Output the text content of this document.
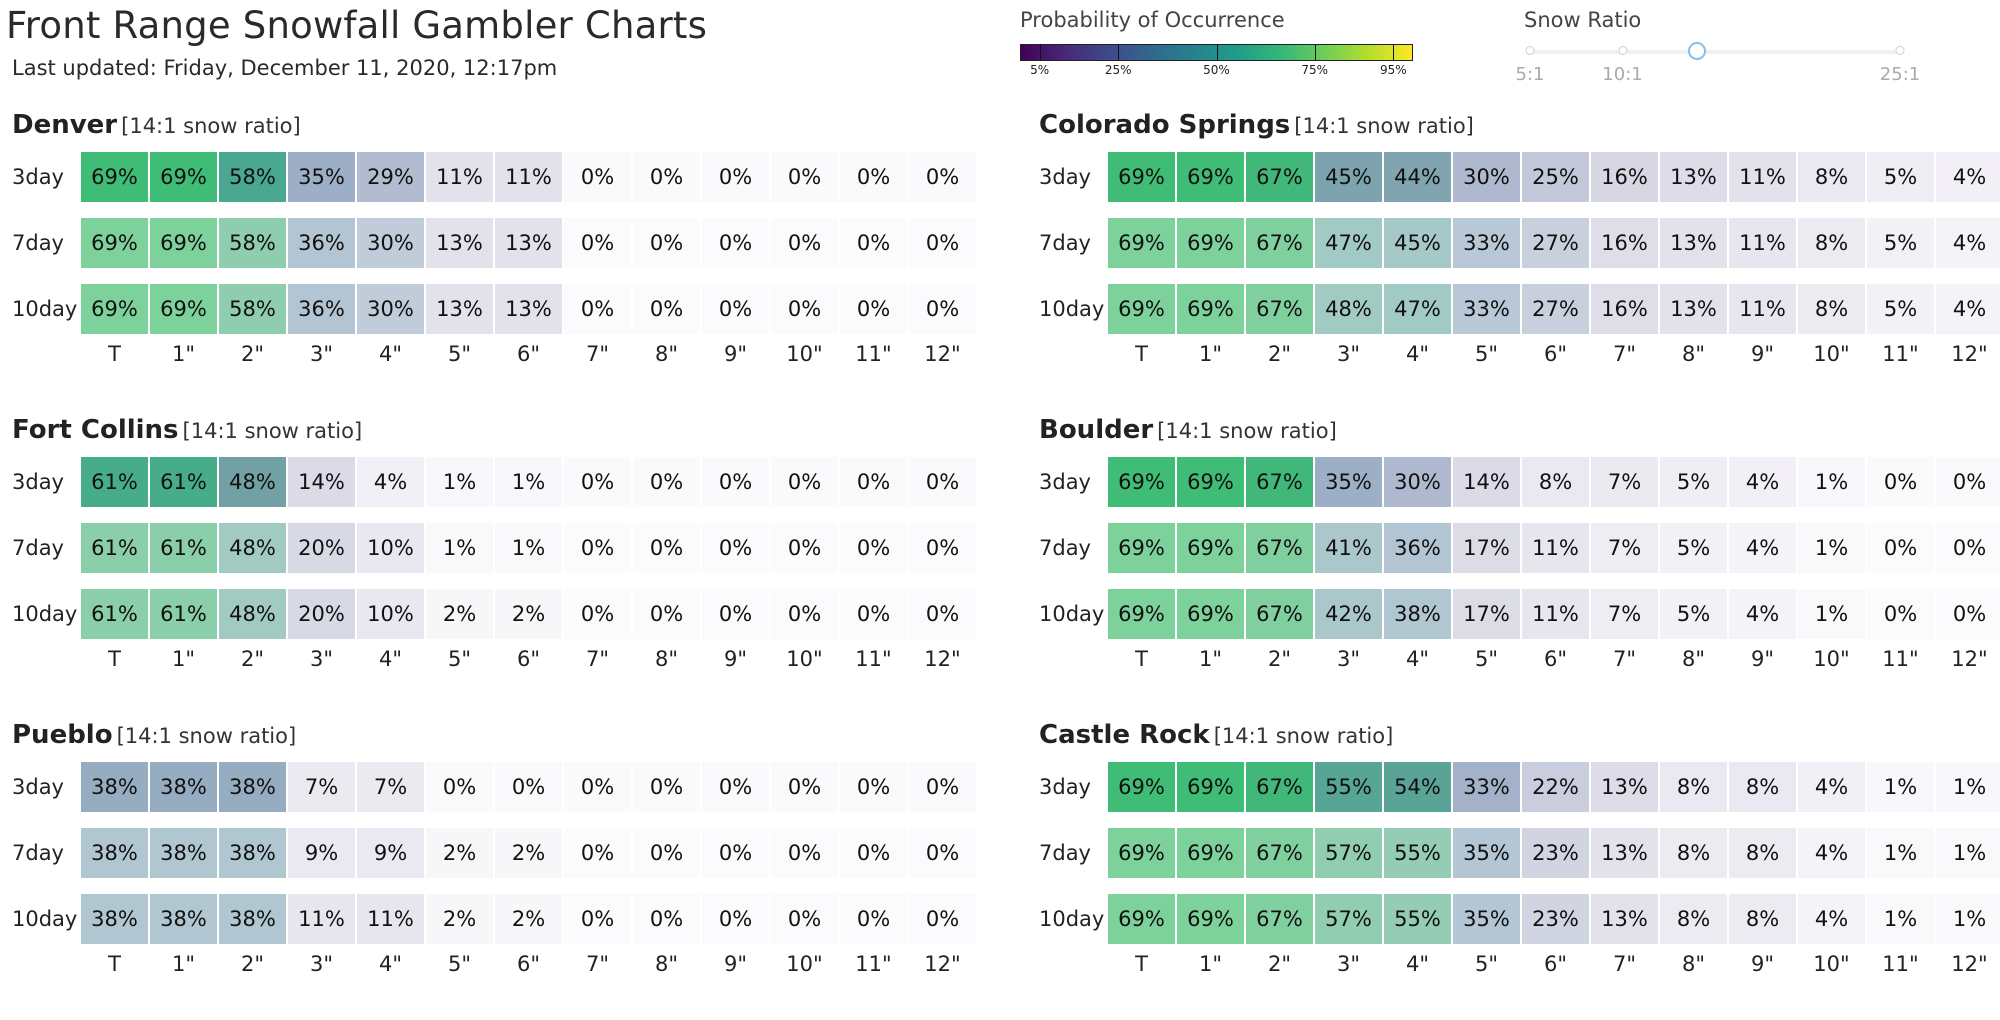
Front Range Snowfall Gambler Charts
Last updated: Friday, December 11, 2020, 12:17pm
Probability of Occurrence
5%	25%	50%	75%	95%
Snow Ratio
5:1	10:1	25:1
Denver [14:1 snow ratio]
3day	69%	69%	58%	35%	29%	11%	11%	0%	0%	0%	0%	0%	0%
7day	69%	69%	58%	36%	30%	13%	13%	0%	0%	0%	0%	0%	0%
10day 69%	69%	58%	36%	30%	13%	13%	0%	0%	0%	0%	0%	0%
T	1"	2"	3"	4"	5"	6"	7"	8"	9"	10"	11"	12"
Colorado Springs [14:1 snow ratio]
3day	69%	69%	67%	45%	44%	30%	25%	16%	13%	11%	8%	5%	4%
7day	69%	69%	67%	47%	45%	33%	27%	16%	13%	11%	8%	5%	4%
10day 69%	69%	67%	48%	47%	33%	27%	16%	13%	11%	8%	5%	4%
T	1"	2"	3"	4"	5"	6"	7"	8"	9"	10"	11"	12"
Fort Collins [14:1 snow ratio]
3day	61%	61%	48%	14%	4%	1%	1%	0%	0%	0%	0%	0%	0%
7day	61%	61%	48%	20%	10%	1%	1%	0%	0%	0%	0%	0%	0%
10day 61%	61%	48%	20%	10%	2%	2%	0%	0%	0%	0%	0%	0%
T	1"	2"	3"	4"	5"	6"	7"	8"	9"	10"	11"	12"
Boulder [14:1 snow ratio]
3day	69%	69%	67%	35%	30%	14%	8%	7%	5%	4%	1%	0%	0%
7day	69%	69%	67%	41%	36%	17%	11%	7%	5%	4%	1%	0%	0%
10day 69%	69%	67%	42%	38%	17%	11%	7%	5%	4%	1%	0%	0%
T	1"	2"	3"	4"	5"	6"	7"	8"	9"	10"	11"	12"
Pueblo [14:1 snow ratio]
3day	38%	38%	38%	7%	7%	0%	0%	0%	0%	0%	0%	0%	0%
7day	38%	38%	38%	9%	9%	2%	2%	0%	0%	0%	0%	0%	0%
10day 38%	38%	38%	11%	11%	2%	2%	0%	0%	0%	0%	0%	0%
T	1"	2"	3"	4"	5"	6"	7"	8"	9"	10"	11"	12"
Castle Rock [14:1 snow ratio]
3day	69%	69%	67%	55%	54%	33%	22%	13%	8%	8%	4%	1%	1%
7day	69%	69%	67%	57%	55%	35%	23%	13%	8%	8%	4%	1%	1%
10day 69%	69%	67%	57%	55%	35%	23%	13%	8%	8%	4%	1%	1%
T	1"	2"	3"	4"	5"	6"	7"	8"	9"	10"	11"	12"
